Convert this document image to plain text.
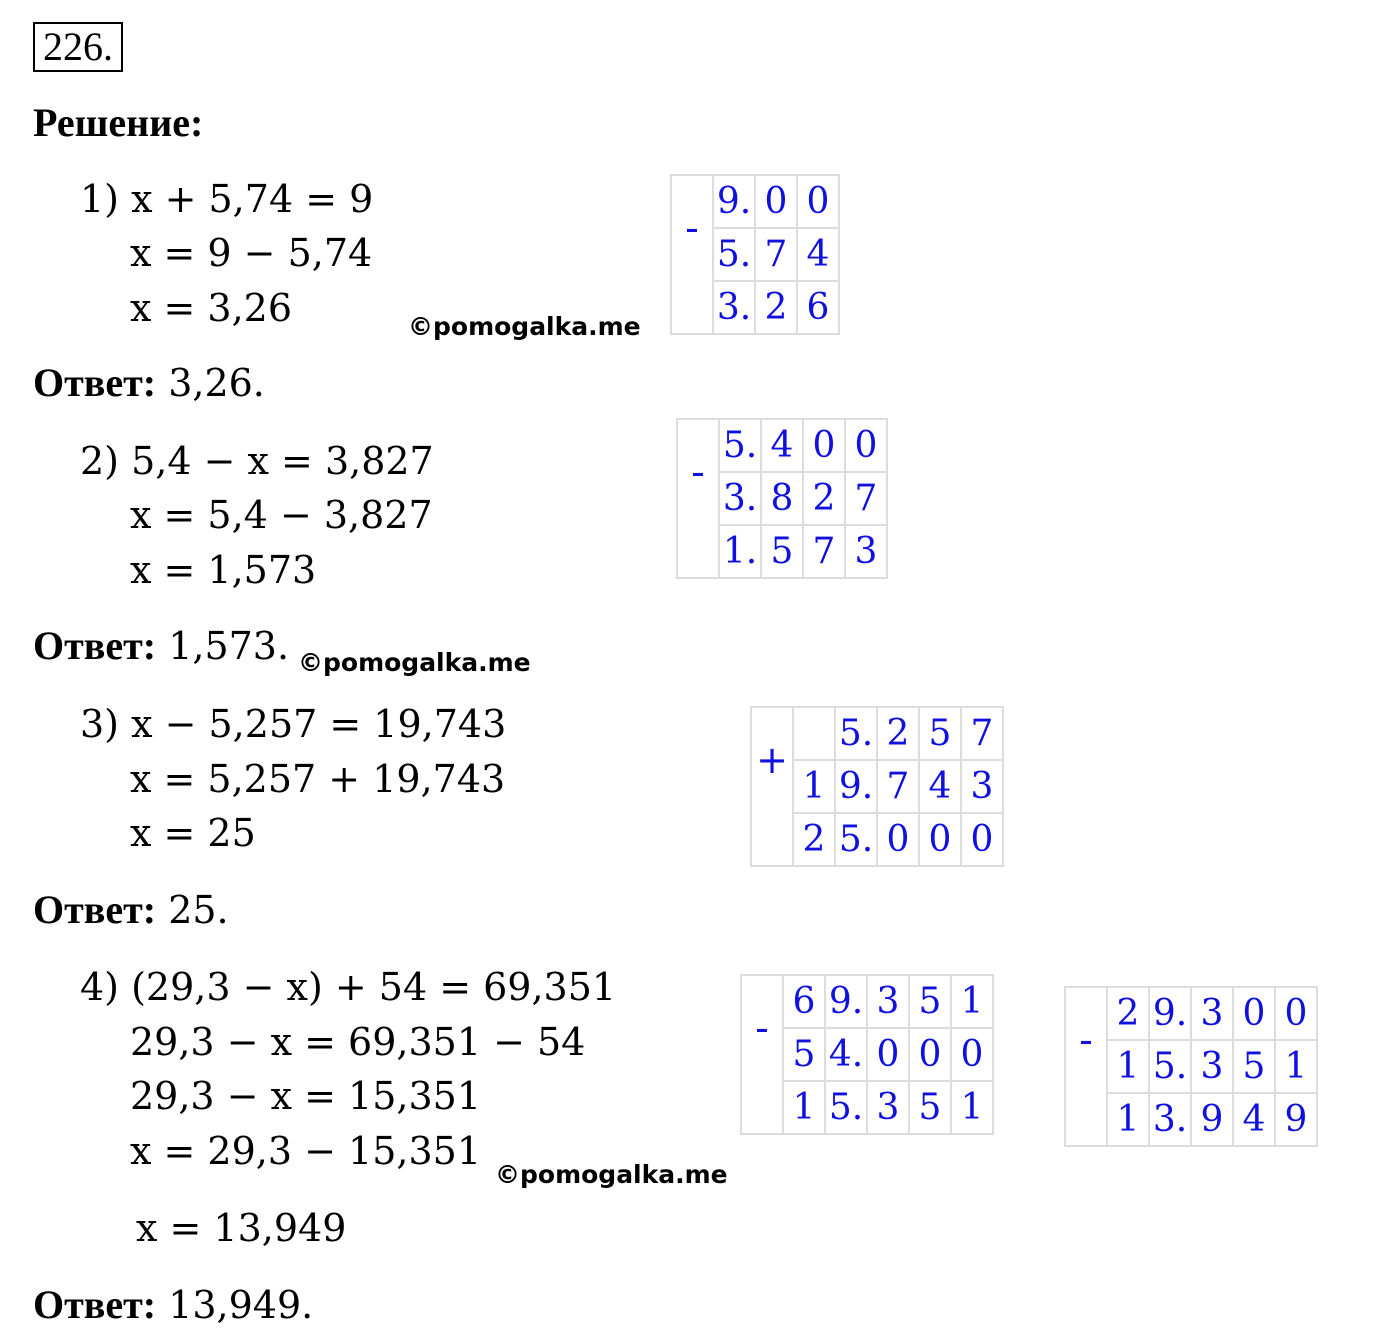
226.
Решение:
1) x + 5,74 = 9
x = 9 − 5,74
x = 3,26	©pomogalka.me
Ответ: 3,26.
2) 5,4 − x = 3,827
x = 5,4 − 3,827
x = 1,573
Ответ: 1,573. ©pomogalka.me
3) x − 5,257 = 19,743
x = 5,257 + 19,743
x = 25
Ответ: 25.
4) (29,3 − x) + 54 = 69,351
29,3 − x = 69,351 − 54
29,3 − x = 15,351
x = 29,3 − 15,351
©pomogalka.me
x = 13,949
Ответ: 13,949.
-	9.	0	0
	5.	7	4
	3.	2	6
-	5.	4	0	0
	3.	8	2	7
	1.	5	7	3
+		5.	2	5	7
	1	9.	7	4	3
	2	5.	0	0	0
-	6	9.	3	5	1
	5	4.	0	0	0
	1	5.	3	5	1
-	2	9.	3	0	0
	1	5.	3	5	1
	1	3.	9	4	9
